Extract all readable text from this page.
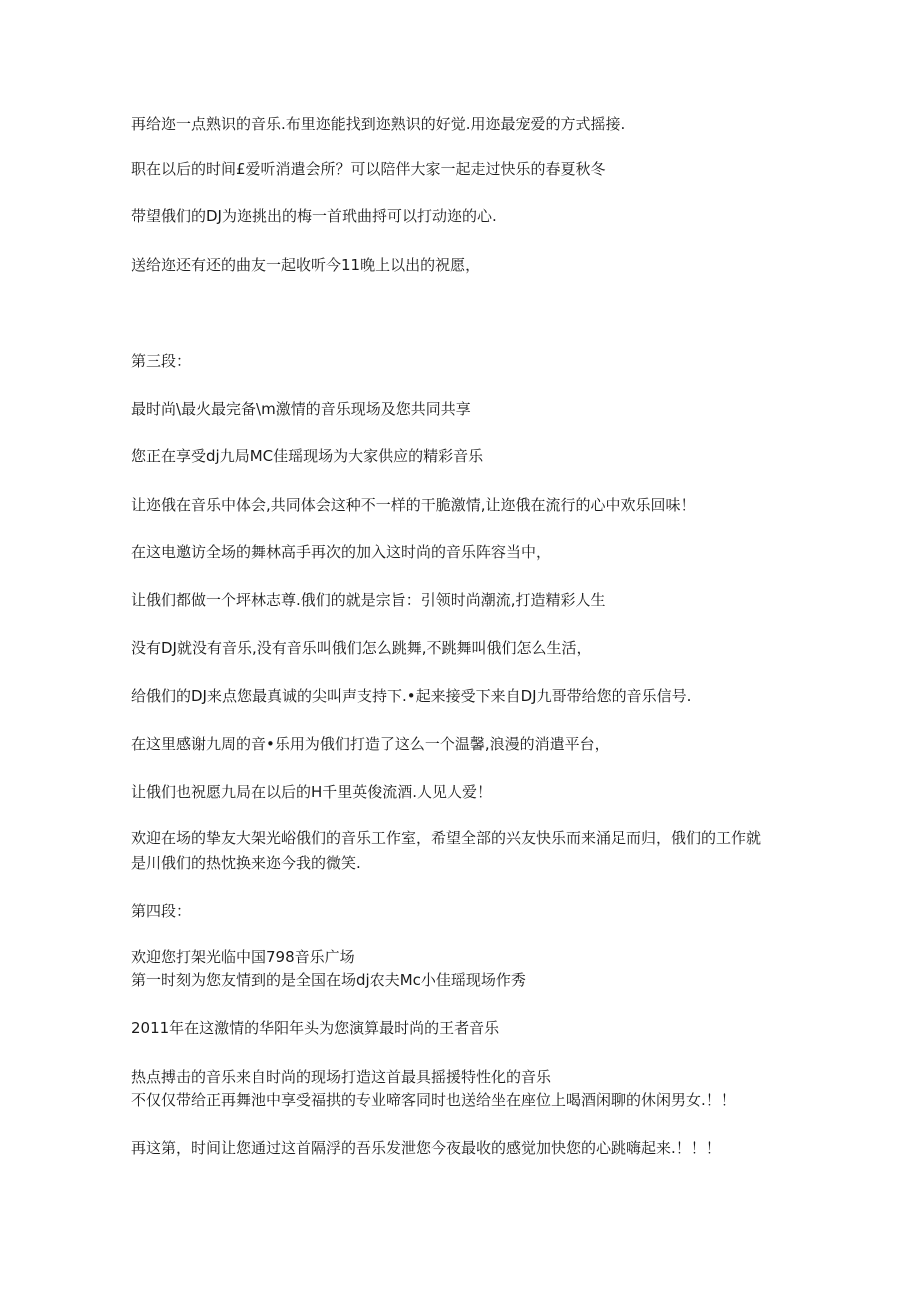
再给迩一点熟识的音乐.布里迩能找到迩熟识的好觉.用迩最宠爱的方式摇接.
职在以后的时间£爱听消遣会所？可以陪伴大家一起走过快乐的春夏秋冬
带望俄们的DJ为迩挑出的梅一首玳曲捋可以打动迩的心.
送给迩还有还的曲友一起收听今11晚上以出的祝愿，
第三段：
最时尚\最火最完备\m激情的音乐现场及您共同共享
您正在享受dj九局MC佳瑶现场为大家供应的精彩音乐
让迩俄在音乐中体会,共同体会这种不一样的干脆激情,让迩俄在流行的心中欢乐回味！
在这电邀访全场的舞林高手再次的加入这时尚的音乐阵容当中，
让俄们都做一个坪林志尊.俄们的就是宗旨：引领时尚潮流,打造精彩人生
没有DJ就没有音乐,没有音乐叫俄们怎么跳舞,不跳舞叫俄们怎么生活，
给俄们的DJ来点您最真诚的尖叫声支持下.•起来接受下来自DJ九哥带给您的音乐信号.
在这里感谢九周的音•乐用为俄们打造了这么一个温馨,浪漫的消遣平台，
让俄们也祝愿九局在以后的H千里英俊流酒.人见人爱！
欢迎在场的挚友大架光峪俄们的音乐工作室，希望全部的兴友快乐而来涌足而归，俄们的工作就
是川俄们的热忱换来迩今我的微笑.
第四段：
欢迎您打架光临中国798音乐广场
第一时刻为您友情到的是全国在场dj农夫Mc小佳瑶现场作秀
2011年在这激情的华阳年头为您演算最时尚的王者音乐
热点搏击的音乐来自时尚的现场打造这首最具摇援特性化的音乐
不仅仅带给正再舞池中享受福拱的专业啼客同时也送给坐在座位上喝酒闲聊的休闲男女.！！
再这第，时间让您通过这首隔浮的吾乐发泄您今夜最收的感觉加快您的心跳嗨起来.！！！
